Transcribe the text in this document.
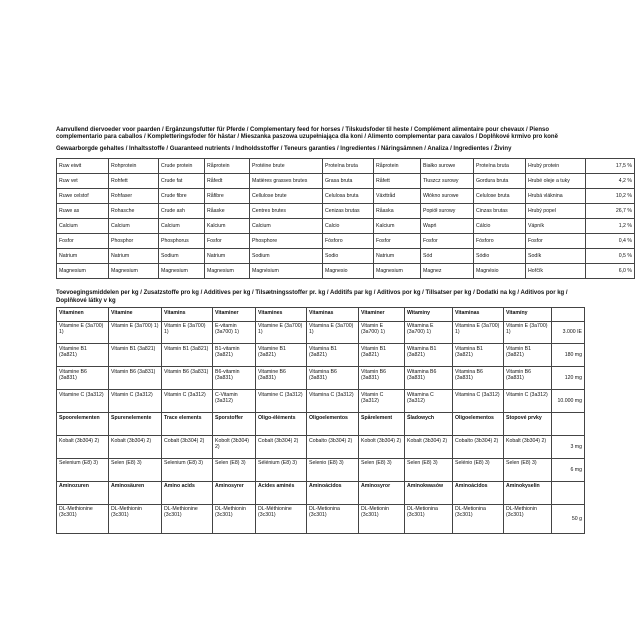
Aanvullend diervoeder voor paarden / Ergänzungsfutter für Pferde / Complementary feed for horses / Tilskudsfoder til heste / Complément alimentaire pour chevaux / Pienso complementario para caballos / Kompletteringsfoder för hästar / Mieszanka paszowa uzupełniająca dla koni / Alimento complementar para cavalos / Doplňkové krmivo pro koně

Gewaarborgde gehaltes / Inhaltsstoffe / Guaranteed nutrients / Indholdsstoffer / Teneurs garanties / Ingredientes / Näringsämnen / Analiza / Ingredientes / Živiny

Ruw eiwit	Rohprotein	Crude protein	Råprotein	Protéine brute	Proteína bruta	Råprotein	Białko surowe	Proteína bruta	Hrubý protein	17,5 %
Ruw vet	Rohfett	Crude fat	Råfedt	Matières grasses brutes	Grasa bruta	Råfett	Tłuszcz surowy	Gordura bruta	Hrubé oleje a tuky	4,2 %
Ruwe celstof	Rohfaser	Crude fibre	Råfibre	Cellulose brute	Celulosa bruta	Växttråd	Włókno surowe	Celulose bruta	Hrubá vláknina	10,2 %
Ruwe as	Rohasche	Crude ash	Råaske	Centres brutes	Cenizas brutas	Råaska	Popiół surowy	Cinzas brutas	Hrubý popel	26,7 %
Calcium	Calcium	Calcium	Kalcium	Calcium	Calcio	Kalcium	Wapń	Cálcio	Vápník	1,2 %
Fosfor	Phosphor	Phosphorus	Fosfor	Phosphore	Fósforo	Fosfor	Fosfor	Fósforo	Fosfor	0,4 %
Natrium	Natrium	Sodium	Natrium	Sodium	Sodio	Natrium	Sód	Sódio	Sodík	0,5 %
Magnesium	Magnesium	Magnesium	Magnesium	Magnésium	Magnesio	Magnesium	Magnez	Magnésio	Hořčík	6,0 %

Toevoegingsmiddelen per kg / Zusatzstoffe pro kg / Additives per kg / Tilsætningsstoffer pr. kg / Additifs par kg / Aditivos por kg / Tillsatser per kg / Dodatki na kg / Aditivos por kg / Doplňkové látky v kg

Vitaminen	Vitamine	Vitamins	Vitaminer	Vitamines	Vitaminas	Vitaminer	Witaminy	Vitaminas	Vitamíny	
Vitamine E (3a700) 1)	Vitamin E (3a700) 1)	Vitamin E (3a700) 1)	E-vitamin (3a700) 1)	Vitamine E (3a700) 1)	Vitamina E (3a700) 1)	Vitamin E (3a700) 1)	Witamina E (3a700) 1)	Vitamina E (3a700) 1)	Vitamin E (3a700) 1)	3.000 IE
Vitamine B1 (3a821)	Vitamin B1 (3a821)	Vitamin B1 (3a821)	B1-vitamin (3a821)	Vitamine B1 (3a821)	Vitamina B1 (3a821)	Vitamin B1 (3a821)	Witamina B1 (3a821)	Vitamina B1 (3a821)	Vitamin B1 (3a821)	180 mg
Vitamine B6 (3a831)	Vitamin B6 (3a831)	Vitamin B6 (3a831)	B6-vitamin (3a831)	Vitamine B6 (3a831)	Vitamina B6 (3a831)	Vitamin B6 (3a831)	Witamina B6 (3a831)	Vitamina B6 (3a831)	Vitamin B6 (3a831)	120 mg
Vitamine C (3a312)	Vitamin C (3a312)	Vitamin C (3a312)	C-Vitamin (3a312)	Vitamine C (3a312)	Vitamina C (3a312)	Vitamin C (3a312)	Witamina C (3a312)	Vitamina C (3a312)	Vitamin C (3a312)	10.000 mg
Spoorelementen	Spurenelemente	Trace elements	Sporstoffer	Oligo-éléments	Oligoelementos	Spårelement	Śladowych	Oligoelementos	Stopové prvky	
Kobalt (3b304) 2)	Kobalt (3b304) 2)	Cobalt (3b304) 2)	Kobolt (3b304) 2)	Cobalt (3b304) 2)	Cobalto (3b304) 2)	Kobolt (3b304) 2)	Kobalt (3b304) 2)	Cobalto (3b304) 2)	Kobalt (3b304) 2)	3 mg
Selenium (E8) 3)	Selen (E8) 3)	Selenium (E8) 3)	Selen (E8) 3)	Sélénium (E8) 3)	Selenio (E8) 3)	Selen (E8) 3)	Selen (E8) 3)	Selénio (E8) 3)	Selen (E8) 3)	6 mg
Aminozuren	Aminosäuren	Amino acids	Aminosyrer	Acides aminés	Aminoácidos	Aminosyror	Aminokwasów	Aminoácidos	Aminokyselin	
DL-Methionine (3c301)	DL-Methionin (3c301)	DL-Methionine (3c301)	DL-Methionin (3c301)	DL-Méthionine (3c301)	DL-Metionina (3c301)	DL-Metionin (3c301)	DL-Metionina (3c301)	DL-Metionina (3c301)	DL-Methionin (3c301)	50 g
